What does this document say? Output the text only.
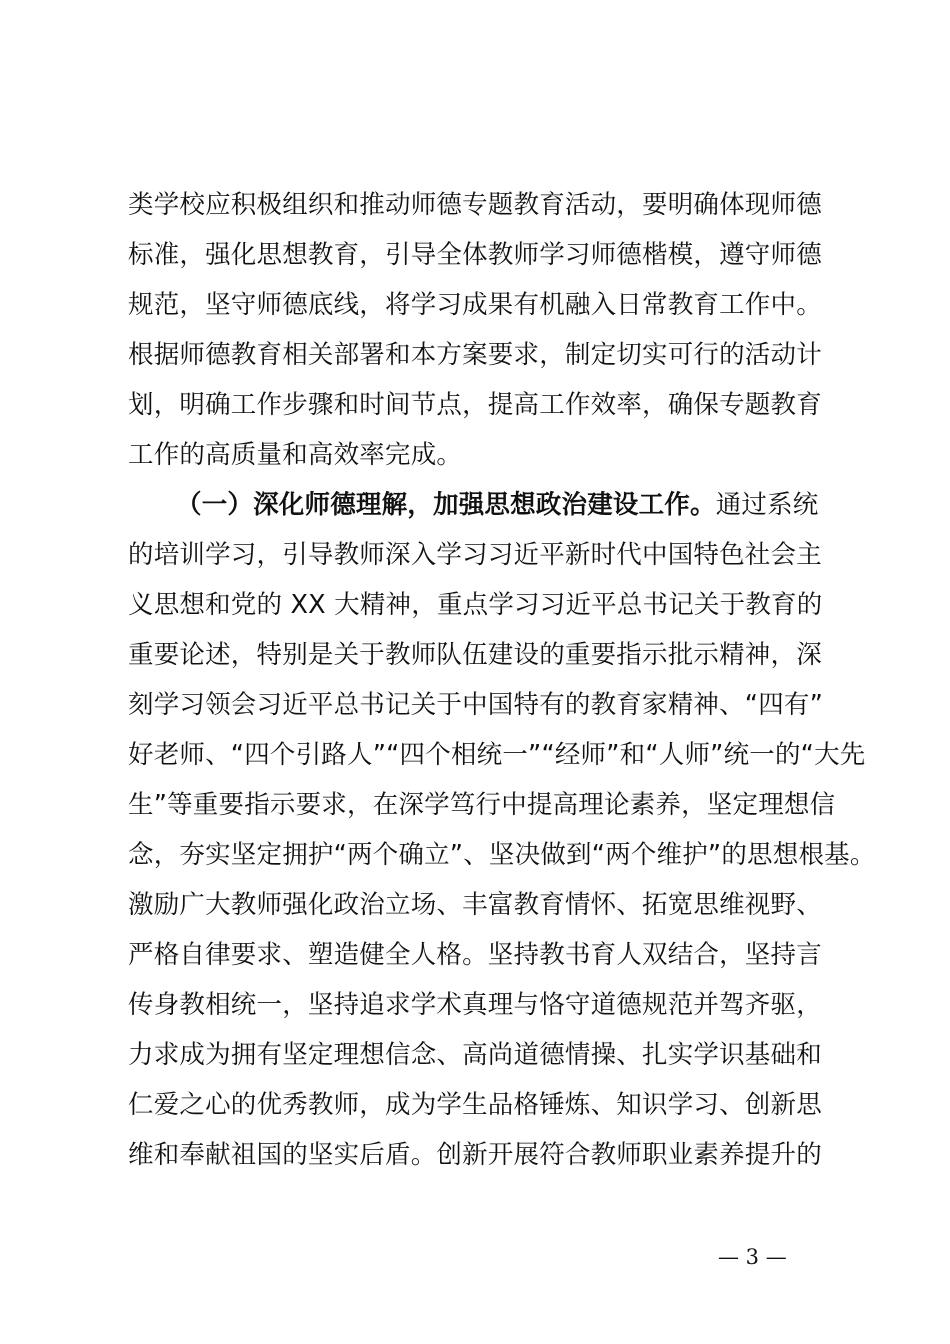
类学校应积极组织和推动师德专题教育活动，要明确体现师德
标准，强化思想教育，引导全体教师学习师德楷模，遵守师德
规范，坚守师德底线，将学习成果有机融入日常教育工作中。
根据师德教育相关部署和本方案要求，制定切实可行的活动计
划，明确工作步骤和时间节点，提高工作效率，确保专题教育
工作的高质量和高效率完成。
（一）深化师德理解，加强思想政治建设工作。通过系统
的培训学习，引导教师深入学习习近平新时代中国特色社会主
义思想和党的 XX 大精神，重点学习习近平总书记关于教育的
重要论述，特别是关于教师队伍建设的重要指示批示精神，深
刻学习领会习近平总书记关于中国特有的教育家精神、“四有”
好老师、“四个引路人”“四个相统一”“经师”和“人师”统一的“大先
生”等重要指示要求，在深学笃行中提高理论素养，坚定理想信
念，夯实坚定拥护“两个确立”、坚决做到“两个维护”的思想根基。
激励广大教师强化政治立场、丰富教育情怀、拓宽思维视野、
严格自律要求、塑造健全人格。坚持教书育人双结合，坚持言
传身教相统一，坚持追求学术真理与恪守道德规范并驾齐驱，
力求成为拥有坚定理想信念、高尚道德情操、扎实学识基础和
仁爱之心的优秀教师，成为学生品格锤炼、知识学习、创新思
维和奉献祖国的坚实后盾。创新开展符合教师职业素养提升的
— 3 —
